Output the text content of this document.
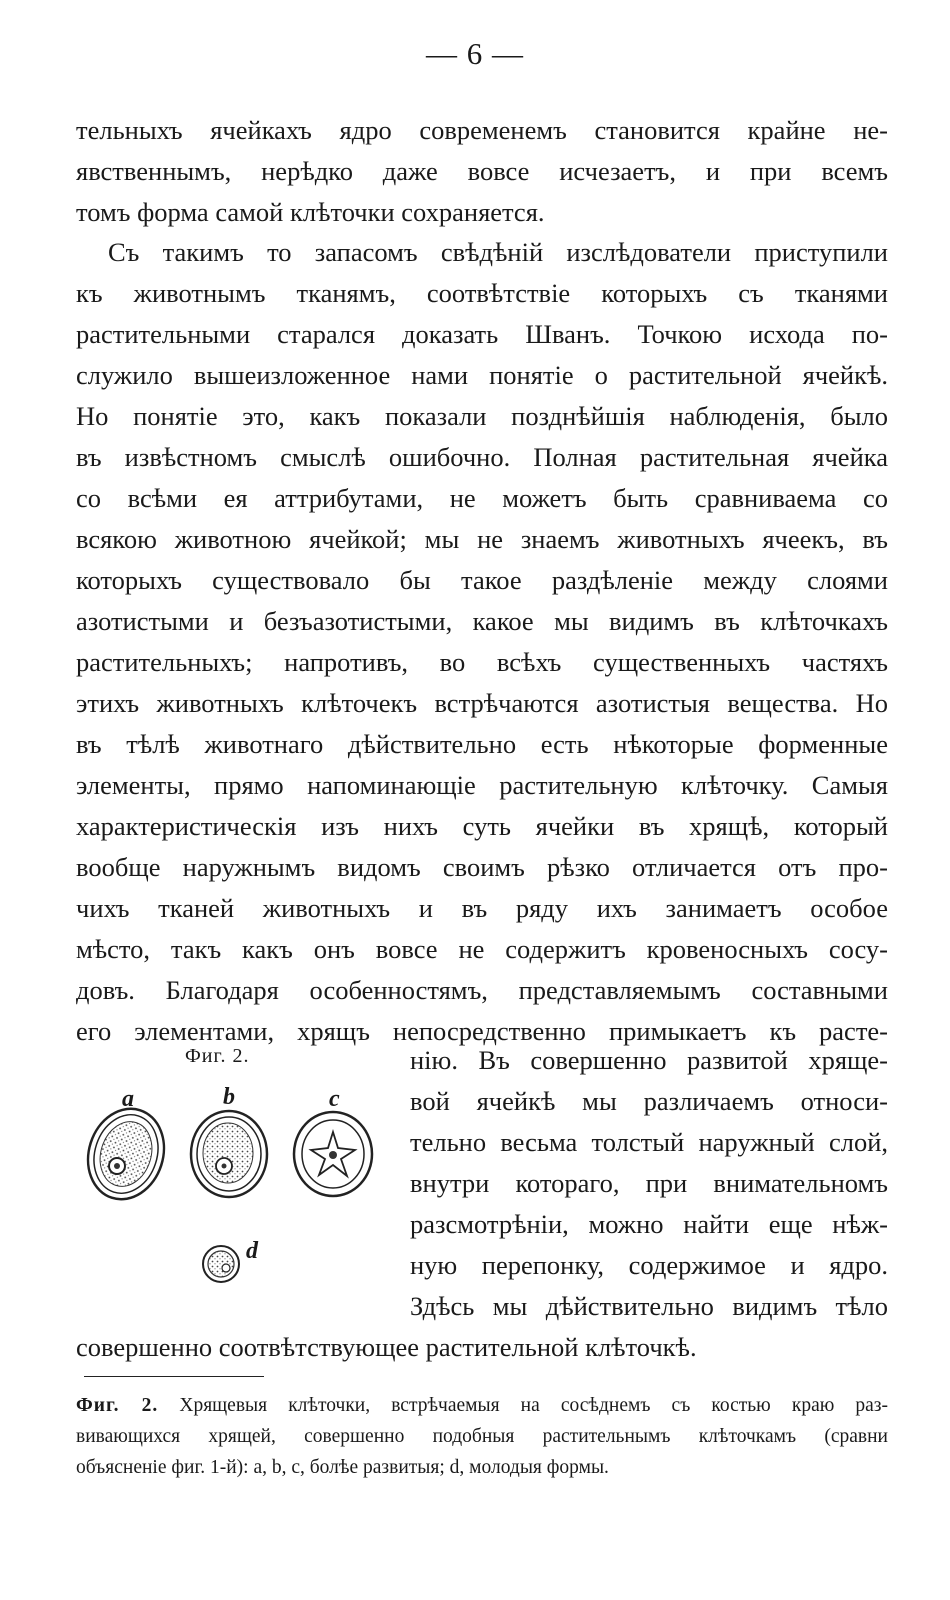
— 6 —
тельныхъ ячейкахъ ядро современемъ становится крайне не-
явственнымъ, нерѣдко даже вовсе исчезаетъ, и при всемъ
томъ форма самой клѣточки сохраняется.
Съ такимъ то запасомъ свѣдѣній изслѣдователи приступили
къ животнымъ тканямъ, соотвѣтствіе которыхъ съ тканями
растительными старался доказать Шванъ. Точкою исхода по-
служило вышеизложенное нами понятіе о растительной ячейкѣ.
Но понятіе это, какъ показали позднѣйшія наблюденія, было
въ извѣстномъ смыслѣ ошибочно. Полная растительная ячейка
со всѣми ея аттрибутами, не можетъ быть сравниваема со
всякою животною ячейкой; мы не знаемъ животныхъ ячеекъ, въ
которыхъ существовало бы такое раздѣленіе между слоями
азотистыми и безъазотистыми, какое мы видимъ въ клѣточкахъ
растительныхъ; напротивъ, во всѣхъ существенныхъ частяхъ
этихъ животныхъ клѣточекъ встрѣчаются азотистыя вещества. Но
въ тѣлѣ животнаго дѣйствительно есть нѣкоторые форменные
элементы, прямо напоминающіе растительную клѣточку. Самыя
характеристическія изъ нихъ суть ячейки въ хрящѣ, который
вообще наружнымъ видомъ своимъ рѣзко отличается отъ про-
чихъ тканей животныхъ и въ ряду ихъ занимаетъ особое
мѣсто, такъ какъ онъ вовсе не содержитъ кровеносныхъ сосу-
довъ. Благодаря особенностямъ, представляемымъ составными
его элементами, хрящъ непосредственно примыкаетъ къ расте-
Фиг. 2.
a	b	c
d
нію. Въ совершенно развитой хряще-
вой ячейкѣ мы различаемъ относи-
тельно весьма толстый наружный слой,
внутри котораго, при внимательномъ
разсмотрѣніи, можно найти еще нѣж-
ную перепонку, содержимое и ядро.
Здѣсь мы дѣйствительно видимъ тѣло

совершенно соотвѣтствующее растительной клѣточкѣ.

Фиг. 2. Хрящевыя клѣточки, встрѣчаемыя на сосѣднемъ съ костью краю раз-
вивающихся хрящей, совершенно подобныя растительнымъ клѣточкамъ (сравни
объясненіе фиг. 1-й): a, b, c, болѣе развитыя; d, молодыя формы.
